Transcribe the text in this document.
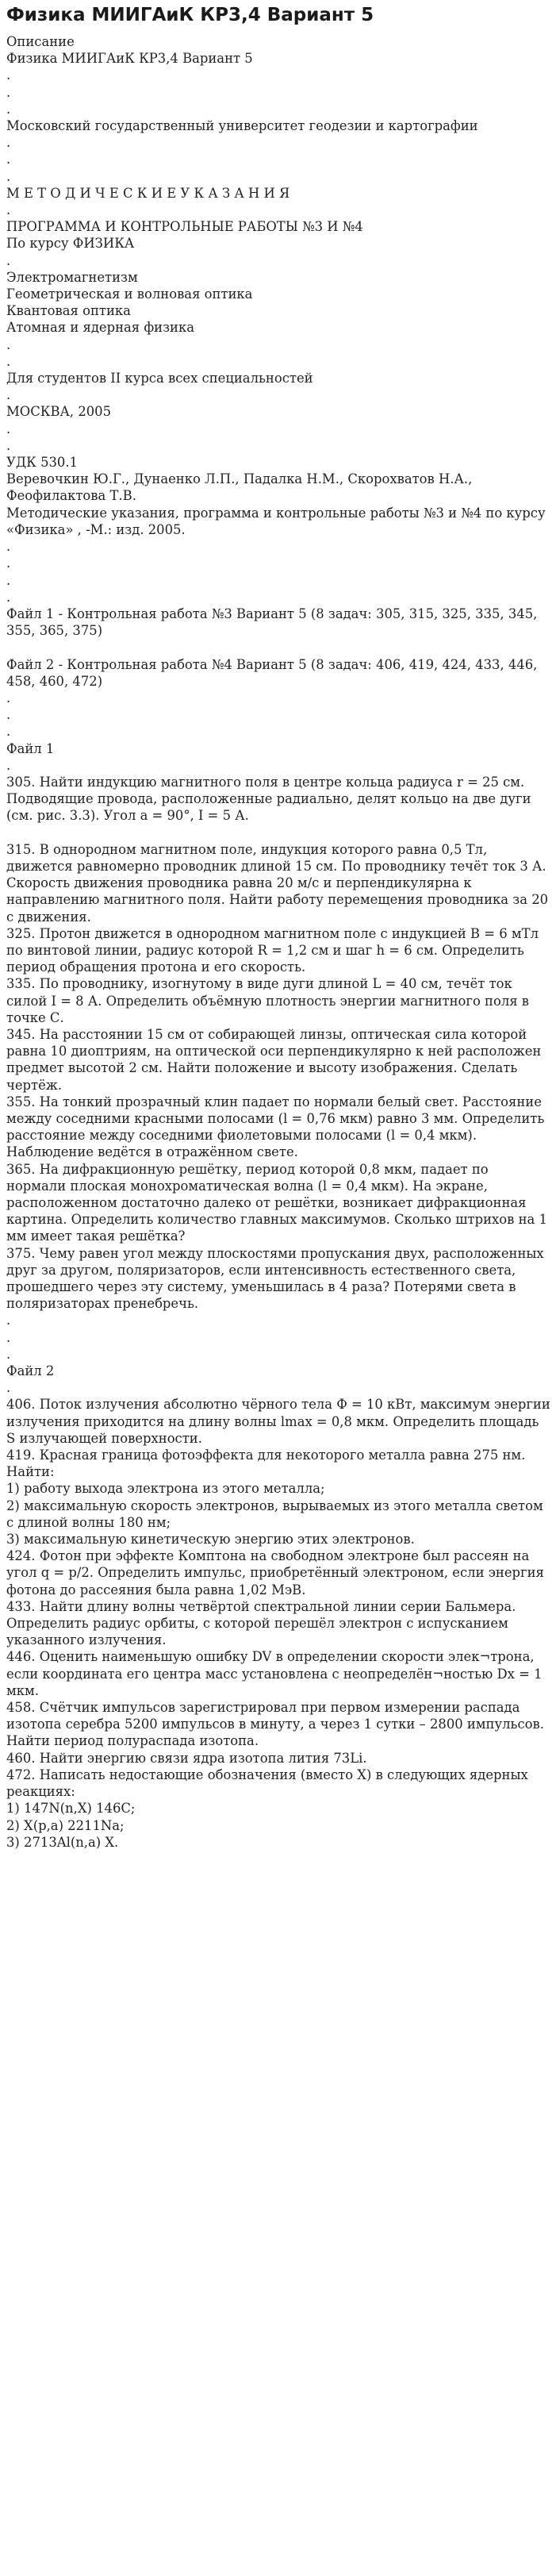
Физика МИИГАиК КР3,4 Вариант 5
Описание
Физика МИИГАиК КР3,4 Вариант 5
.
.
.
Московский государственный университет геодезии и картографии
.
.
.
М Е Т О Д И Ч Е С К И Е У К А З А Н И Я
.
ПРОГРАММА И КОНТРОЛЬНЫЕ РАБОТЫ №3 И №4
По курсу ФИЗИКА
.
Электромагнетизм
Геометрическая и волновая оптика
Квантовая оптика
Атомная и ядерная физика
.
.
Для студентов II курса всех специальностей
.
МОСКВА, 2005
.
.
УДК 530.1
Веревочкин Ю.Г., Дунаенко Л.П., Падалка Н.М., Скорохватов Н.А., Феофилактова Т.В.
Методические указания, программа и контрольные работы №3 и №4 по курсу «Физика» , -М.: изд. 2005.
.
.
.
.
Файл 1 - Контрольная работа №3 Вариант 5 (8 задач: 305, 315, 325, 335, 345, 355, 365, 375)
Файл 2 - Контрольная работа №4 Вариант 5 (8 задач: 406, 419, 424, 433, 446, 458, 460, 472)
.
.
.
Файл 1
.
305. Найти индукцию магнитного поля в центре кольца радиуса r = 25 см. Подводящие провода, расположенные радиально, делят кольцо на две дуги (см. рис. 3.3). Угол a = 90°, I = 5 А.
315. В однородном магнитном поле, индукция которого равна 0,5 Тл, движется равномерно проводник длиной 15 см. По проводнику течёт ток 3 А. Скорость движения проводника равна 20 м/с и перпендикулярна к направлению магнитного поля. Найти работу перемещения проводника за 20 с движения.
325. Протон движется в однородном магнитном поле с индукцией B = 6 мТл по винтовой линии, радиус которой R = 1,2 см и шаг h = 6 см. Определить период обращения протона и его скорость.
335. По проводнику, изогнутому в виде дуги длиной L = 40 см, течёт ток силой I = 8 А. Определить объёмную плотность энергии магнитного поля в точке С.
345. На расстоянии 15 см от собирающей линзы, оптическая сила которой равна 10 диоптриям, на оптической оси перпендикулярно к ней расположен предмет высотой 2 см. Найти положение и высоту изображения. Сделать чертёж.
355. На тонкий прозрачный клин падает по нормали белый свет. Расстояние между соседними красными полосами (l = 0,76 мкм) равно 3 мм. Определить расстояние между соседними фиолетовыми полосами (l = 0,4 мкм). Наблюдение ведётся в отражённом свете.
365. На дифракционную решётку, период которой 0,8 мкм, падает по нормали плоская монохроматическая волна (l = 0,4 мкм). На экране, расположенном достаточно далеко от решётки, возникает дифракционная картина. Определить количество главных максимумов. Сколько штрихов на 1 мм имеет такая решётка?
375. Чему равен угол между плоскостями пропускания двух, расположенных друг за другом, поляризаторов, если интенсивность естественного света, прошедшего через эту систему, уменьшилась в 4 раза? Потерями света в поляризаторах пренебречь.
.
.
.
Файл 2
.
406. Поток излучения абсолютно чёрного тела Ф = 10 кВт, максимум энергии излучения приходится на длину волны lmax = 0,8 мкм. Определить площадь S излучающей поверхности.
419. Красная граница фотоэффекта для некоторого металла равна 275 нм. Найти:
1) работу выхода электрона из этого металла;
2) максимальную скорость электронов, вырываемых из этого металла светом с длиной волны 180 нм;
3) максимальную кинетическую энергию этих электронов.
424. Фотон при эффекте Комптона на свободном электроне был рассеян на угол q = p/2. Определить импульс, приобретённый электроном, если энергия фотона до рассеяния была равна 1,02 МэВ.
433. Найти длину волны четвёртой спектральной линии серии Бальмера. Определить радиус орбиты, с которой перешёл электрон с испусканием указанного излучения.
446. Оценить наименьшую ошибку DV в определении скорости элек¬трона, если координата его центра масс установлена с неопределён¬ностью Dx = 1 мкм.
458. Счётчик импульсов зарегистрировал при первом измерении распада изотопа серебра 5200 импульсов в минуту, а через 1 сутки – 2800 импульсов. Найти период полураспада изотопа.
460. Найти энергию связи ядра изотопа лития 73Li.
472. Написать недостающие обозначения (вместо X) в следующих ядерных реакциях:
1) 147N(n,X) 146C;
2) X(p,a) 2211Na;
3) 2713Al(n,a) X.
